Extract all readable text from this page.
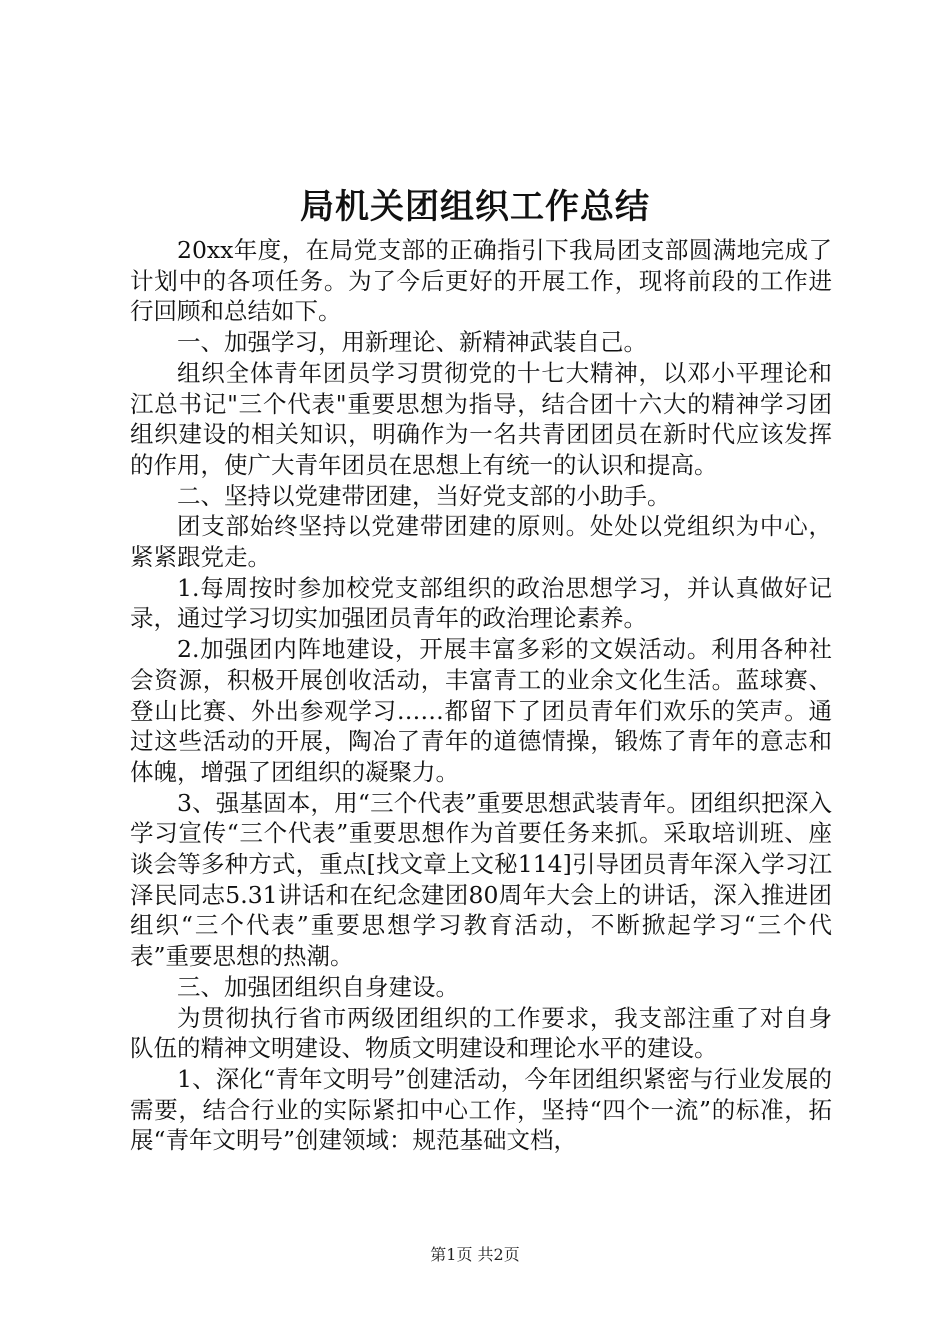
局机关团组织工作总结

20xx年度，在局党支部的正确指引下我局团支部圆满地完成了计划中的各项任务。为了今后更好的开展工作，现将前段的工作进行回顾和总结如下。

一、加强学习，用新理论、新精神武装自己。

组织全体青年团员学习贯彻党的十七大精神，以邓小平理论和江总书记"三个代表"重要思想为指导，结合团十六大的精神学习团组织建设的相关知识，明确作为一名共青团团员在新时代应该发挥的作用，使广大青年团员在思想上有统一的认识和提高。

二、坚持以党建带团建，当好党支部的小助手。

团支部始终坚持以党建带团建的原则。处处以党组织为中心，紧紧跟党走。

1.每周按时参加校党支部组织的政治思想学习，并认真做好记录，通过学习切实加强团员青年的政治理论素养。

2.加强团内阵地建设，开展丰富多彩的文娱活动。利用各种社会资源，积极开展创收活动，丰富青工的业余文化生活。蓝球赛、登山比赛、外出参观学习……都留下了团员青年们欢乐的笑声。通过这些活动的开展，陶冶了青年的道德情操，锻炼了青年的意志和体魄，增强了团组织的凝聚力。

3、强基固本，用“三个代表”重要思想武装青年。团组织把深入学习宣传“三个代表”重要思想作为首要任务来抓。采取培训班、座谈会等多种方式，重点[找文章上文秘114]引导团员青年深入学习江泽民同志5.31讲话和在纪念建团80周年大会上的讲话，深入推进团组织“三个代表”重要思想学习教育活动，不断掀起学习“三个代表”重要思想的热潮。

三、加强团组织自身建设。

为贯彻执行省市两级团组织的工作要求，我支部注重了对自身队伍的精神文明建设、物质文明建设和理论水平的建设。

1、深化“青年文明号”创建活动，今年团组织紧密与行业发展的需要，结合行业的实际紧扣中心工作，坚持“四个一流”的标准，拓展“青年文明号”创建领域：规范基础文档，

第1页 共2页
